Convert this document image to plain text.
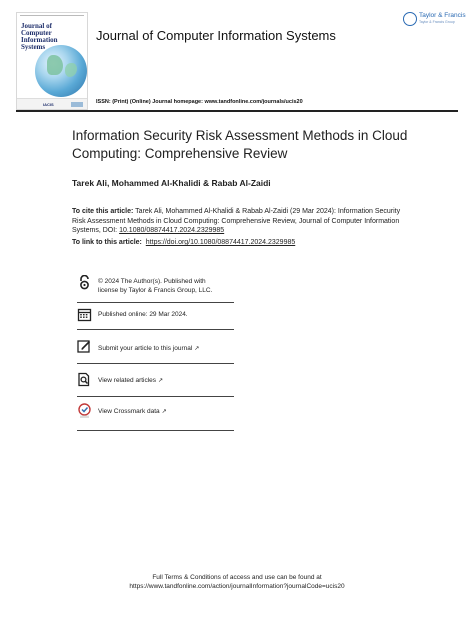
Journal of
Computer
Information
Systems
IACIS
Journal of Computer Information Systems
Taylor & Francis
Taylor & Francis Group
ISSN: (Print) (Online) Journal homepage: www.tandfonline.com/journals/ucis20
Information Security Risk Assessment Methods in Cloud Computing: Comprehensive Review
Tarek Ali, Mohammed Al-Khalidi & Rabab Al-Zaidi
To cite this article: Tarek Ali, Mohammed Al-Khalidi & Rabab Al-Zaidi (29 Mar 2024): Information Security Risk Assessment Methods in Cloud Computing: Comprehensive Review, Journal of Computer Information Systems, DOI: 10.1080/08874417.2024.2329985
To link to this article: https://doi.org/10.1080/08874417.2024.2329985
© 2024 The Author(s). Published with
license by Taylor & Francis Group, LLC.
Published online: 29 Mar 2024.
Submit your article to this journal ↗
View related articles ↗
View Crossmark data ↗
Full Terms & Conditions of access and use can be found at
https://www.tandfonline.com/action/journalInformation?journalCode=ucis20
